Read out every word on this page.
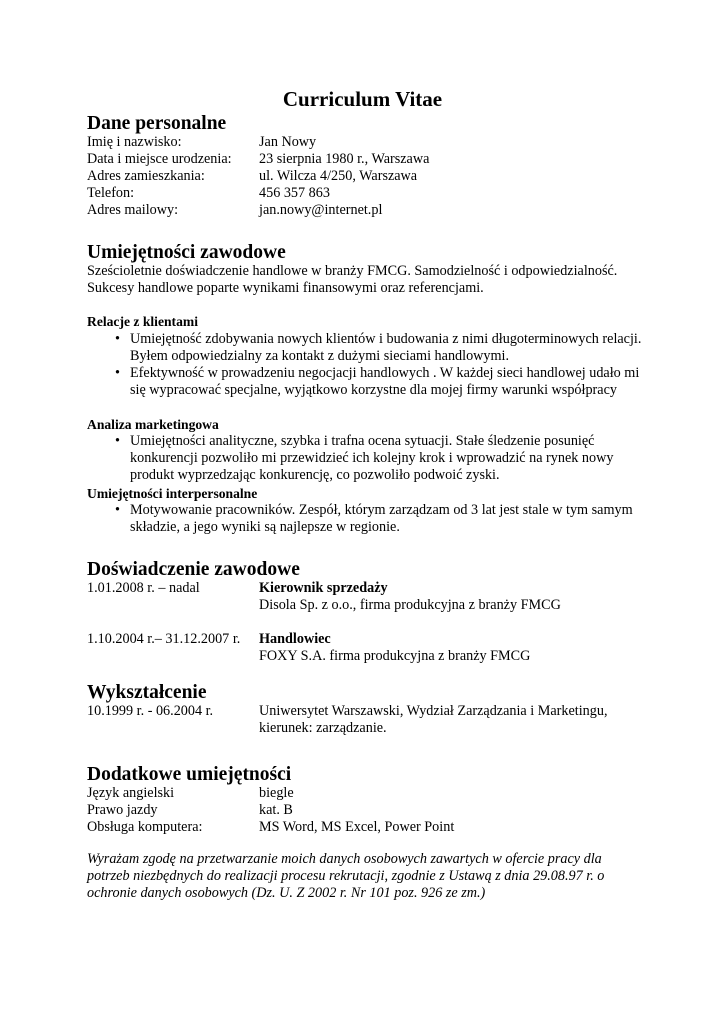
Curriculum Vitae
Dane personalne
Imię i nazwisko:	Jan Nowy
Data i miejsce urodzenia: 23 sierpnia 1980 r., Warszawa
Adres zamieszkania:	ul. Wilcza 4/250, Warszawa
Telefon:	456 357 863
Adres mailowy:	jan.nowy@internet.pl
Umiejętności zawodowe
Sześcioletnie doświadczenie handlowe w branży FMCG. Samodzielność i odpowiedzialność. Sukcesy handlowe poparte wynikami finansowymi oraz referencjami.
Relacje z klientami
• Umiejętność zdobywania nowych klientów i budowania z nimi długoterminowych relacji. Byłem odpowiedzialny za kontakt z dużymi sieciami handlowymi.
• Efektywność w prowadzeniu negocjacji handlowych . W każdej sieci handlowej udało mi się wypracować specjalne, wyjątkowo korzystne dla mojej firmy warunki współpracy
Analiza marketingowa
• Umiejętności analityczne, szybka i trafna ocena sytuacji. Stałe śledzenie posunięć konkurencji pozwoliło mi przewidzieć ich kolejny krok i wprowadzić na rynek nowy produkt wyprzedzając konkurencję, co pozwoliło podwoić zyski.
Umiejętności interpersonalne
• Motywowanie pracowników. Zespół, którym zarządzam od 3 lat jest stale w tym samym składzie, a jego wyniki są najlepsze w regionie.
Doświadczenie zawodowe
1.01.2008 r. – nadal	Kierownik sprzedaży
Disola Sp. z o.o., firma produkcyjna z branży FMCG
1.10.2004 r.– 31.12.2007 r. Handlowiec
FOXY S.A. firma produkcyjna z branży FMCG
Wykształcenie
10.1999 r. - 06.2004 r.	Uniwersytet Warszawski, Wydział Zarządzania i Marketingu,
kierunek: zarządzanie.
Dodatkowe umiejętności
Język angielski	biegle
Prawo jazdy	kat. B
Obsługa komputera:	MS Word, MS Excel, Power Point
Wyrażam zgodę na przetwarzanie moich danych osobowych zawartych w ofercie pracy dla potrzeb niezbędnych do realizacji procesu rekrutacji, zgodnie z Ustawą z dnia 29.08.97 r. o ochronie danych osobowych (Dz. U. Z 2002 r. Nr 101 poz. 926 ze zm.)
